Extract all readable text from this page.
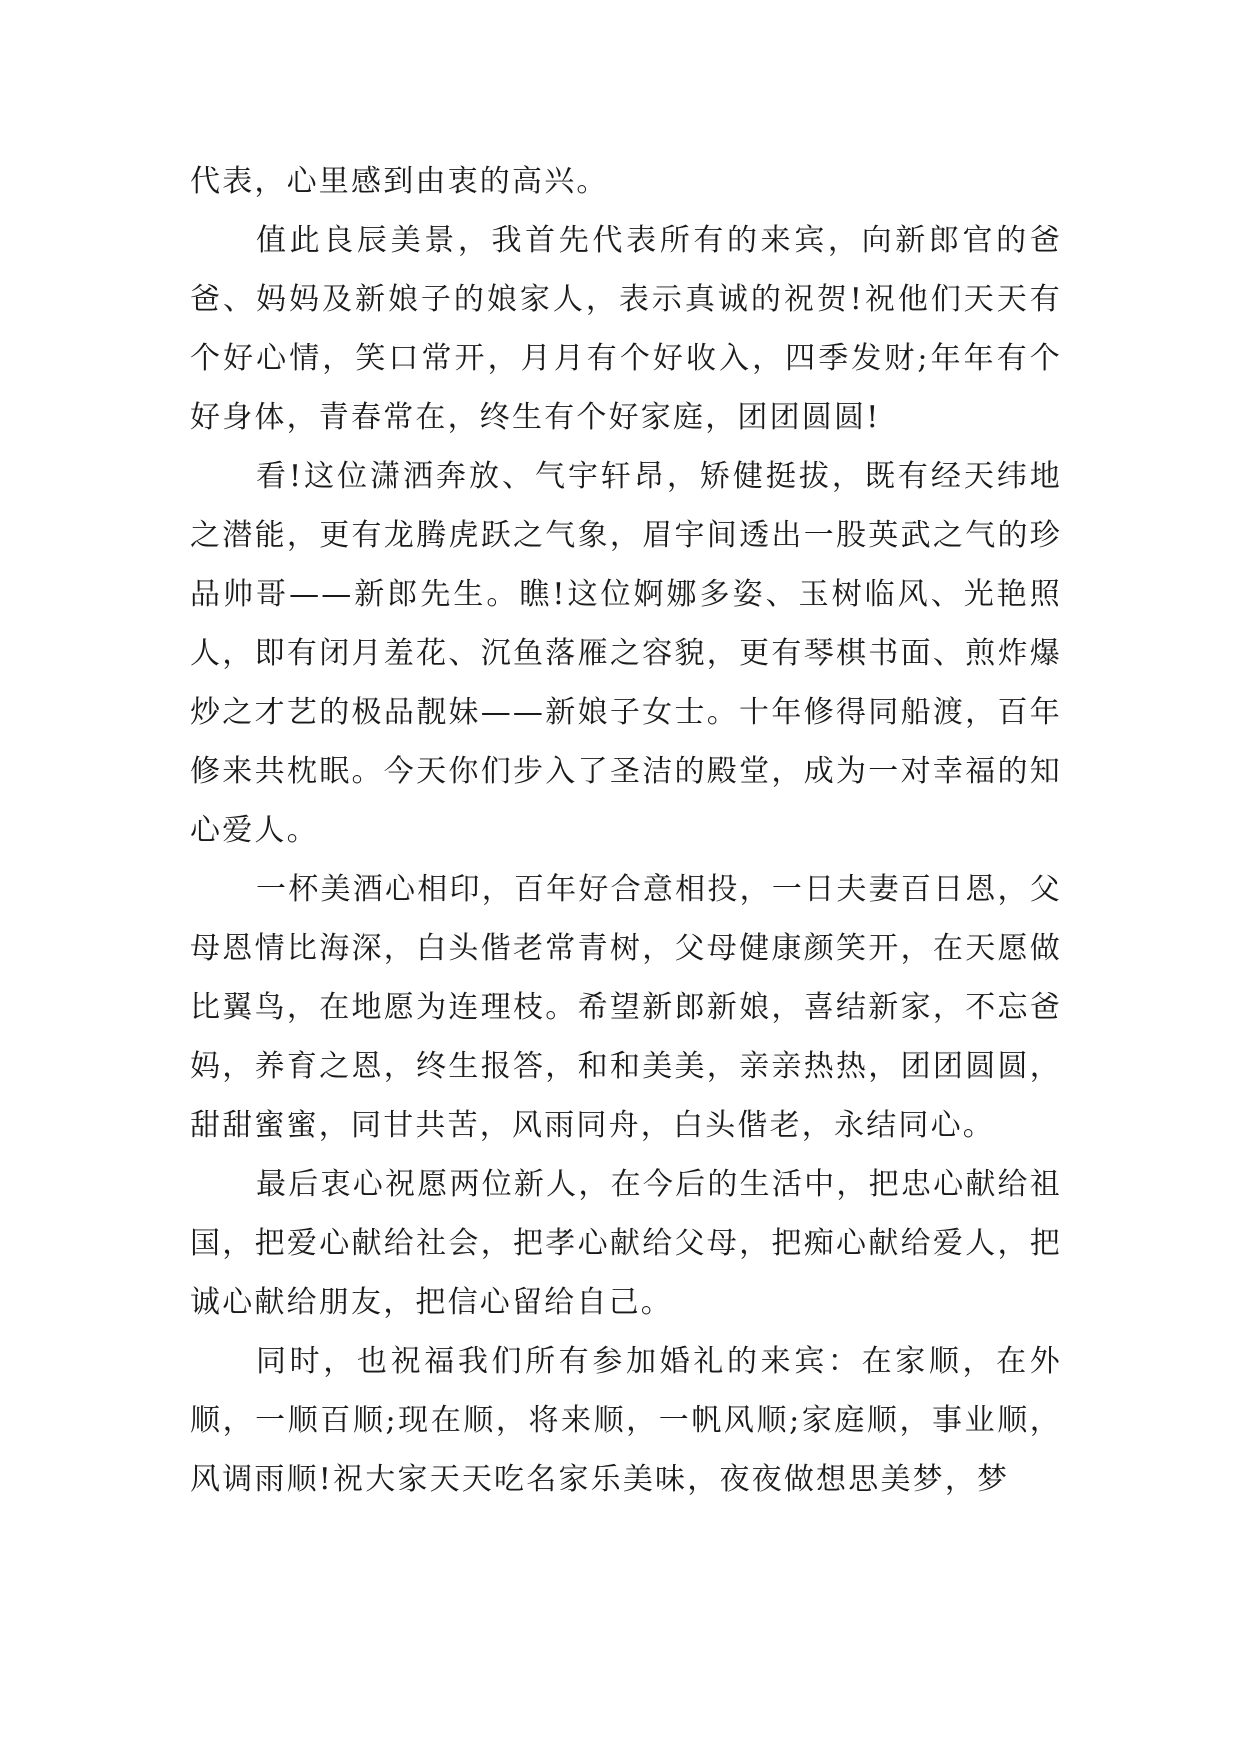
代表，心里感到由衷的高兴。

值此良辰美景，我首先代表所有的来宾，向新郎官的爸爸、妈妈及新娘子的娘家人，表示真诚的祝贺!祝他们天天有个好心情，笑口常开，月月有个好收入，四季发财;年年有个好身体，青春常在，终生有个好家庭，团团圆圆!

看!这位潇洒奔放、气宇轩昂，矫健挺拔，既有经天纬地之潜能，更有龙腾虎跃之气象，眉宇间透出一股英武之气的珍品帅哥——新郎先生。瞧!这位婀娜多姿、玉树临风、光艳照人，即有闭月羞花、沉鱼落雁之容貌，更有琴棋书面、煎炸爆炒之才艺的极品靓妹——新娘子女士。十年修得同船渡，百年修来共枕眠。今天你们步入了圣洁的殿堂，成为一对幸福的知心爱人。

一杯美酒心相印，百年好合意相投，一日夫妻百日恩，父母恩情比海深，白头偕老常青树，父母健康颜笑开，在天愿做比翼鸟，在地愿为连理枝。希望新郎新娘，喜结新家，不忘爸妈，养育之恩，终生报答，和和美美，亲亲热热，团团圆圆，甜甜蜜蜜，同甘共苦，风雨同舟，白头偕老，永结同心。

最后衷心祝愿两位新人，在今后的生活中，把忠心献给祖国，把爱心献给社会，把孝心献给父母，把痴心献给爱人，把诚心献给朋友，把信心留给自己。

同时，也祝福我们所有参加婚礼的来宾：在家顺，在外顺，一顺百顺;现在顺，将来顺，一帆风顺;家庭顺，事业顺，风调雨顺!祝大家天天吃名家乐美味，夜夜做想思美梦，梦
